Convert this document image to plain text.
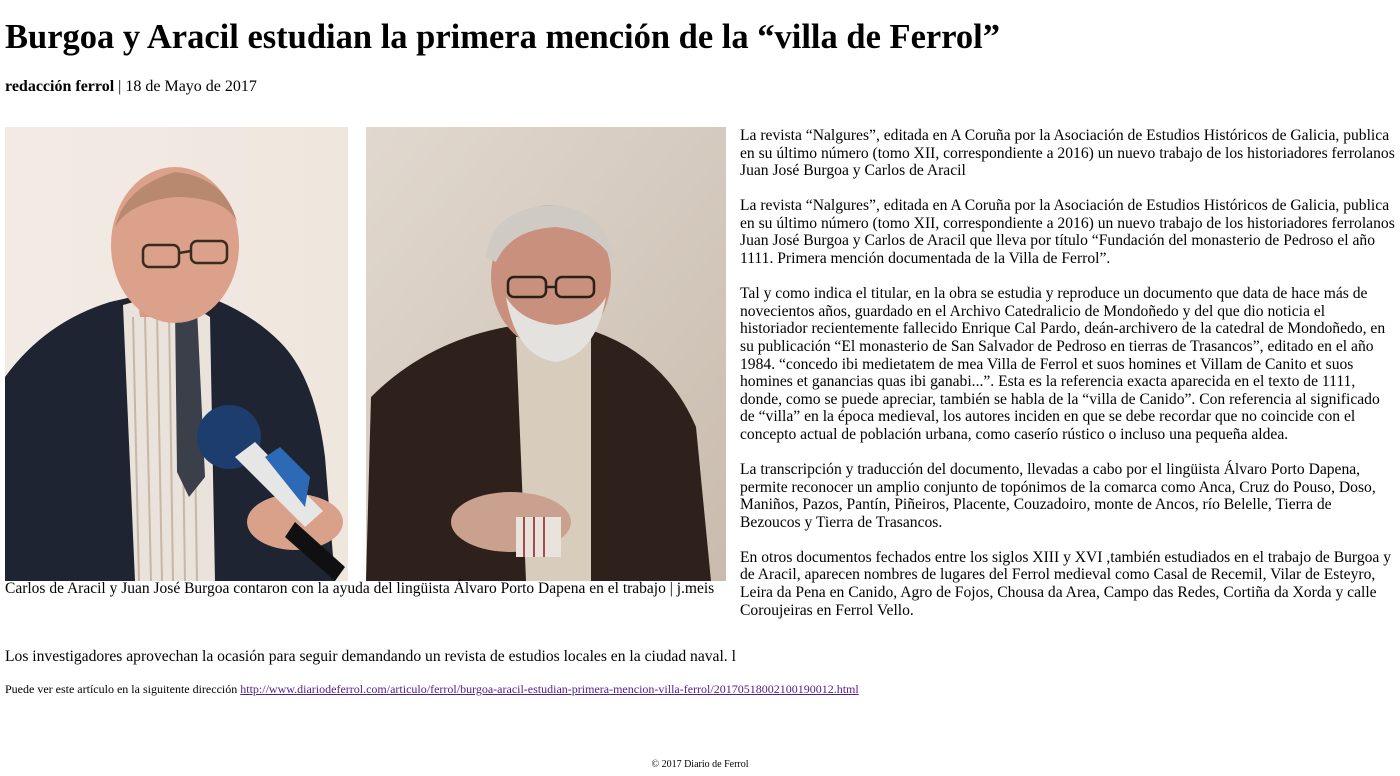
Burgoa y Aracil estudian la primera mención de la “villa de Ferrol”
redacción ferrol | 18 de Mayo de 2017
Carlos de Aracil y Juan José Burgoa contaron con la ayuda del lingüista Álvaro Porto Dapena en el trabajo | j.meis

La revista “Nalgures”, editada en A Coruña por la Asociación de Estudios Históricos de Galicia, publica en su último número (tomo XII, correspondiente a 2016) un nuevo trabajo de los historiadores ferrolanos Juan José Burgoa y Carlos de Aracil

La revista “Nalgures”, editada en A Coruña por la Asociación de Estudios Históricos de Galicia, publica en su último número (tomo XII, correspondiente a 2016) un nuevo trabajo de los historiadores ferrolanos Juan José Burgoa y Carlos de Aracil que lleva por título “Fundación del monasterio de Pedroso el año 1111. Primera mención documentada de la Villa de Ferrol”.

Tal y como indica el titular, en la obra se estudia y reproduce un documento que data de hace más de novecientos años, guardado en el Archivo Catedralicio de Mondoñedo y del que dio noticia el historiador recientemente fallecido Enrique Cal Pardo, deán-archivero de la catedral de Mondoñedo, en su publicación “El monasterio de San Salvador de Pedroso en tierras de Trasancos”, editado en el año 1984. “concedo ibi medietatem de mea Villa de Ferrol et suos homines et Villam de Canito et suos homines et ganancias quas ibi ganabi...”. Esta es la referencia exacta aparecida en el texto de 1111, donde, como se puede apreciar, también se habla de la “villa de Canido”. Con referencia al significado de “villa” en la época medieval, los autores inciden en que se debe recordar que no coincide con el concepto actual de población urbana, como caserío rústico o incluso una pequeña aldea.

La transcripción y traducción del documento, llevadas a cabo por el lingüista Álvaro Porto Dapena, permite reconocer un amplio conjunto de topónimos de la comarca como Anca, Cruz do Pouso, Doso, Maniños, Pazos, Pantín, Piñeiros, Placente, Couzadoiro, monte de Ancos, río Belelle, Tierra de Bezoucos y Tierra de Trasancos.

En otros documentos fechados entre los siglos XIII y XVI ,también estudiados en el trabajo de Burgoa y de Aracil, aparecen nombres de lugares del Ferrol medieval como Casal de Recemil, Vilar de Esteyro, Leira da Pena en Canido, Agro de Fojos, Chousa da Area, Campo das Redes, Cortiña da Xorda y calle Coroujeiras en Ferrol Vello.

Los investigadores aprovechan la ocasión para seguir demandando un revista de estudios locales en la ciudad naval. l
Puede ver este artículo en la siguitente dirección http://www.diariodeferrol.com/articulo/ferrol/burgoa-aracil-estudian-primera-mencion-villa-ferrol/20170518002100190012.html
© 2017 Diario de Ferrol
